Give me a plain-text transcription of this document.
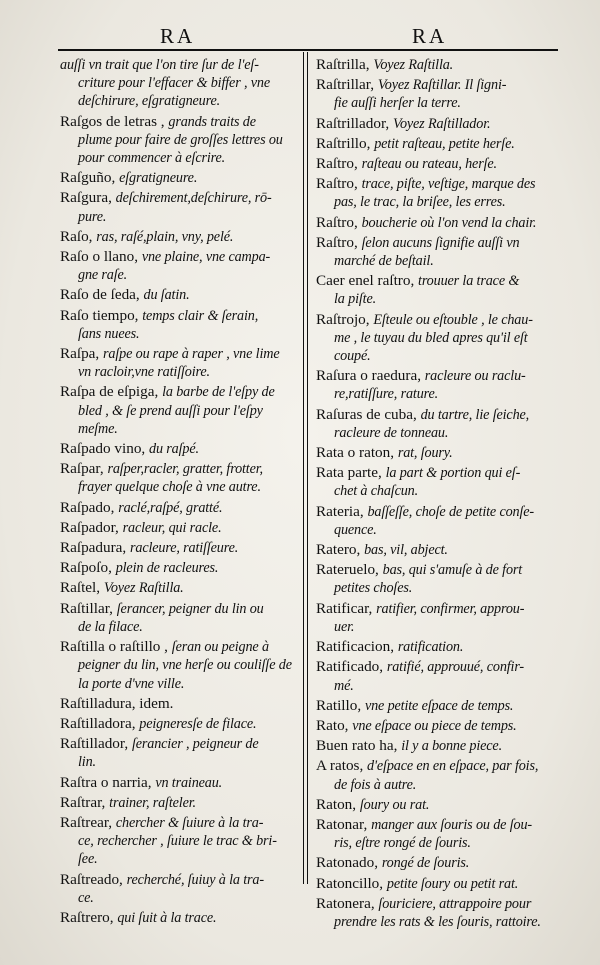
RA	RA
auſſi vn trait que l'on tire ſur de l'eſ-
criture pour l'effacer & biffer , vne
deſchirure, eſgratigneure.
Raſgos de letras , grands traits de
plume pour faire de groſſes lettres ou
pour commencer à eſcrire.
Raſguño, eſgratigneure.
Raſgura, deſchirement,deſchirure, rō-
pure.
Raſo, ras, raſé,plain, vny, pelé.
Raſo o llano, vne plaine, vne campa-
gne raſe.
Raſo de ſeda, du ſatin.
Raſo tiempo, temps clair & ſerain,
ſans nuees.
Raſpa, raſpe ou rape à raper , vne lime
vn racloir,vne ratiſſoire.
Raſpa de eſpiga, la barbe de l'eſpy de
bled , & ſe prend auſſi pour l'eſpy
meſme.
Raſpado vino, du raſpé.
Raſpar, raſper,racler, gratter, frotter,
frayer quelque choſe à vne autre.
Raſpado, raclé,raſpé, gratté.
Raſpador, racleur, qui racle.
Raſpadura, racleure, ratiſſeure.
Raſpoſo, plein de racleures.
Raſtel, Voyez Raſtilla.
Raſtillar, ſerancer, peigner du lin ou
de la filace.
Raſtilla o raſtillo , ſeran ou peigne à
peigner du lin, vne herſe ou couliſſe de
la porte d'vne ville.
Raſtilladura, idem.
Raſtilladora, peigneresſe de filace.
Raſtillador, ſerancier , peigneur de
lin.
Raſtra o narria, vn traineau.
Raſtrar, trainer, raſteler.
Raſtrear, chercher & ſuiure à la tra-
ce, rechercher , ſuiure le trac & bri-
ſee.
Raſtreado, recherché, ſuiuy à la tra-
ce.
Raſtrero, qui ſuit à la trace.
Raſtrilla, Voyez Raſtilla.
Raſtrillar, Voyez Raſtillar. Il ſigni-
fie auſſi herſer la terre.
Raſtrillador, Voyez Raſtillador.
Raſtrillo, petit raſteau, petite herſe.
Raſtro, raſteau ou rateau, herſe.
Raſtro, trace, piſte, veſtige, marque des
pas, le trac, la briſee, les erres.
Raſtro, boucherie où l'on vend la chair.
Raſtro, ſelon aucuns ſignifie auſſi vn
marché de beſtail.
Caer enel raſtro, trouuer la trace &
la piſte.
Raſtrojo, Eſteule ou eſtouble , le chau-
me , le tuyau du bled apres qu'il eſt
coupé.
Raſura o raedura, racleure ou raclu-
re,ratiſſure, rature.
Raſuras de cuba, du tartre, lie ſeiche,
racleure de tonneau.
Rata o raton, rat, ſoury.
Rata parte, la part & portion qui eſ-
chet à chaſcun.
Rateria, baſſeſſe, choſe de petite conſe-
quence.
Ratero, bas, vil, abject.
Rateruelo, bas, qui s'amuſe à de fort
petites choſes.
Ratificar, ratifier, confirmer, approu-
uer.
Ratificacion, ratification.
Ratificado, ratifié, approuué, confir-
mé.
Ratillo, vne petite eſpace de temps.
Rato, vne eſpace ou piece de temps.
Buen rato ha, il y a bonne piece.
A ratos, d'eſpace en en eſpace, par fois,
de fois à autre.
Raton, ſoury ou rat.
Ratonar, manger aux ſouris ou de ſou-
ris, eſtre rongé de ſouris.
Ratonado, rongé de ſouris.
Ratoncillo, petite ſoury ou petit rat.
Ratonera, ſouriciere, attrappoire pour
prendre les rats & les ſouris, rattoire.
